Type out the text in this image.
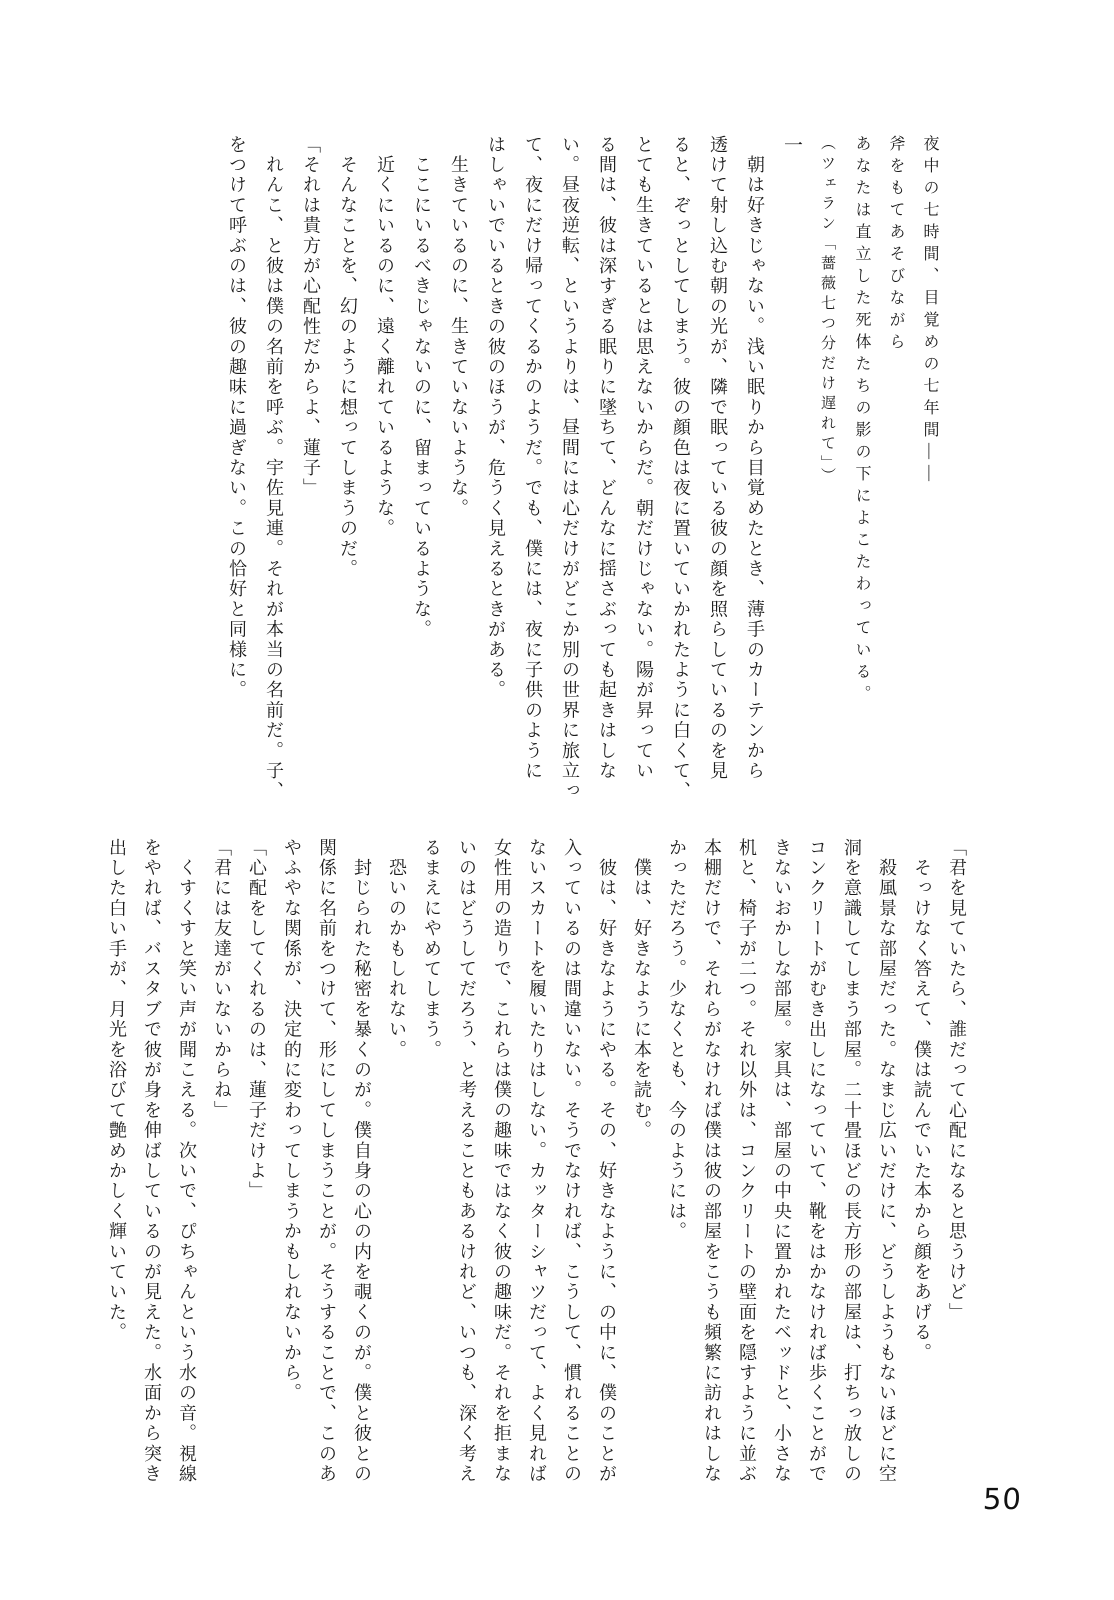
夜中の七時間、目覚めの七年間――

斧をもてあそびながら

あなたは直立した死体たちの影の下によこたわっている。

（ツェラン「薔薇七つ分だけ遅れて」）

一

　朝は好きじゃない。浅い眠りから目覚めたとき、薄手のカーテンから

透けて射し込む朝の光が、隣で眠っている彼の顔を照らしているのを見

ると、ぞっとしてしまう。彼の顔色は夜に置いていかれたように白くて、

とても生きているとは思えないからだ。朝だけじゃない。陽が昇ってい

る間は、彼は深すぎる眠りに墜ちて、どんなに揺さぶっても起きはしな

い。昼夜逆転、というよりは、昼間には心だけがどこか別の世界に旅立っ

て、夜にだけ帰ってくるかのようだ。でも、僕には、夜に子供のように

はしゃいでいるときの彼のほうが、危うく見えるときがある。

　生きているのに、生きていないような。

　ここにいるべきじゃないのに、留まっているような。

　近くにいるのに、遠く離れているような。

　そんなことを、幻のように想ってしまうのだ。

「それは貴方が心配性だからよ、蓮子」

　れんこ、と彼は僕の名前を呼ぶ。宇佐見連。それが本当の名前だ。子、

をつけて呼ぶのは、彼の趣味に過ぎない。この恰好と同様に。

「君を見ていたら、誰だって心配になると思うけど」

　そっけなく答えて、僕は読んでいた本から顔をあげる。

　殺風景な部屋だった。なまじ広いだけに、どうしようもないほどに空

洞を意識してしまう部屋。二十畳ほどの長方形の部屋は、打ちっ放しの

コンクリートがむき出しになっていて、靴をはかなければ歩くことがで

きないおかしな部屋。家具は、部屋の中央に置かれたベッドと、小さな

机と、椅子が二つ。それ以外は、コンクリートの壁面を隠すように並ぶ

本棚だけで、それらがなければ僕は彼の部屋をこうも頻繁に訪れはしな

かっただろう。少なくとも、今のようには。

　僕は、好きなように本を読む。

　彼は、好きなようにやる。その、好きなように、の中に、僕のことが

入っているのは間違いない。そうでなければ、こうして、慣れることの

ないスカートを履いたりはしない。カッターシャツだって、よく見れば

女性用の造りで、これらは僕の趣味ではなく彼の趣味だ。それを拒まな

いのはどうしてだろう、と考えることもあるけれど、いつも、深く考え

るまえにやめてしまう。

　恐いのかもしれない。

　封じられた秘密を暴くのが。僕自身の心の内を覗くのが。僕と彼との

関係に名前をつけて、形にしてしまうことが。そうすることで、このあ

やふやな関係が、決定的に変わってしまうかもしれないから。

「心配をしてくれるのは、蓮子だけよ」

「君には友達がいないからね」

　くすくすと笑い声が聞こえる。次いで、ぴちゃんという水の音。視線

をやれば、バスタブで彼が身を伸ばしているのが見えた。水面から突き

出した白い手が、月光を浴びて艶めかしく輝いていた。

50
